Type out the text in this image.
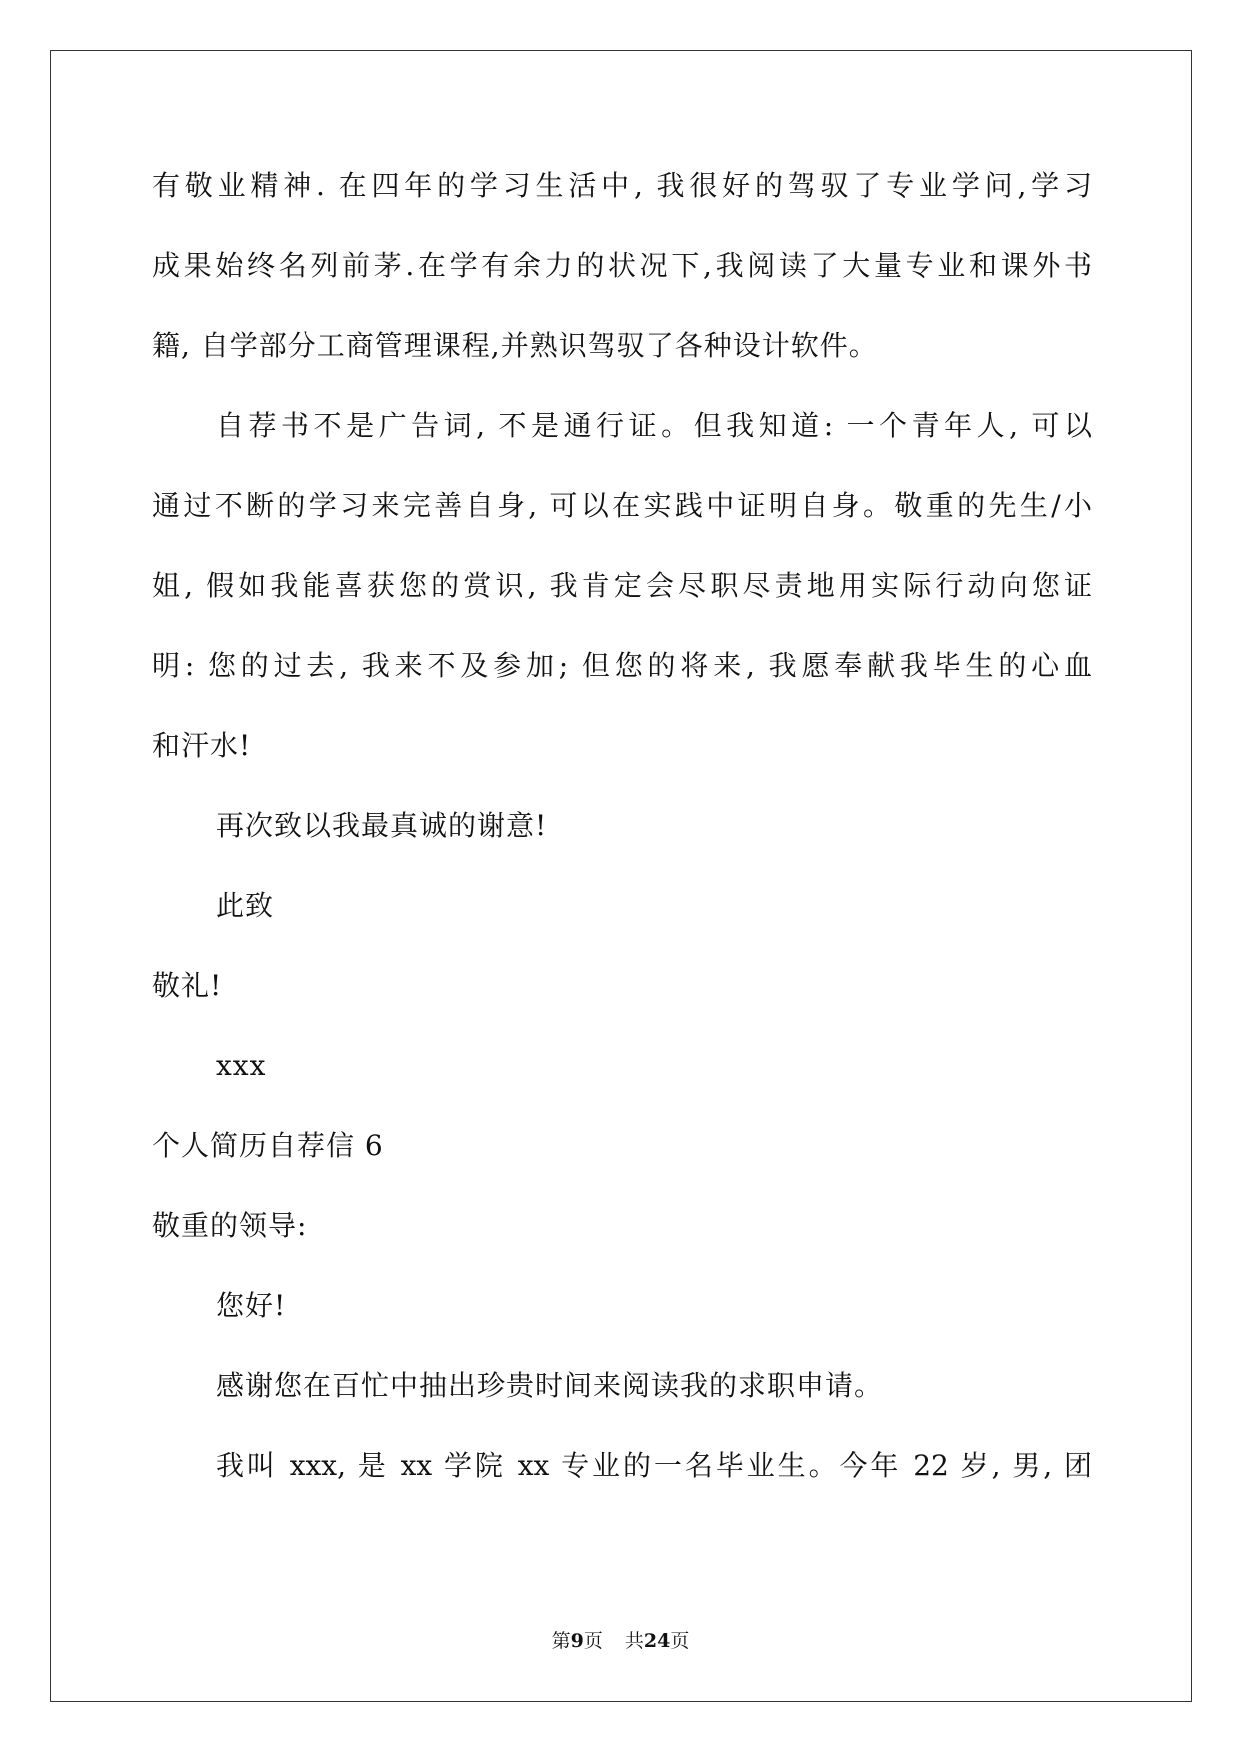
有敬业精神. 在四年的学习生活中, 我很好的驾驭了专业学问,学习
成果始终名列前茅.在学有余力的状况下,我阅读了大量专业和课外书
籍, 自学部分工商管理课程,并熟识驾驭了各种设计软件。
自荐书不是广告词, 不是通行证。但我知道: 一个青年人, 可以
通过不断的学习来完善自身, 可以在实践中证明自身。敬重的先生/小
姐, 假如我能喜获您的赏识, 我肯定会尽职尽责地用实际行动向您证
明: 您的过去, 我来不及参加; 但您的将来, 我愿奉献我毕生的心血
和汗水!
再次致以我最真诚的谢意!
此致
敬礼!
xxx
个人简历自荐信 6
敬重的领导:
您好!
感谢您在百忙中抽出珍贵时间来阅读我的求职申请。
我叫 xxx, 是 xx 学院 xx 专业的一名毕业生。今年 22 岁, 男, 团
第9页 共24页
